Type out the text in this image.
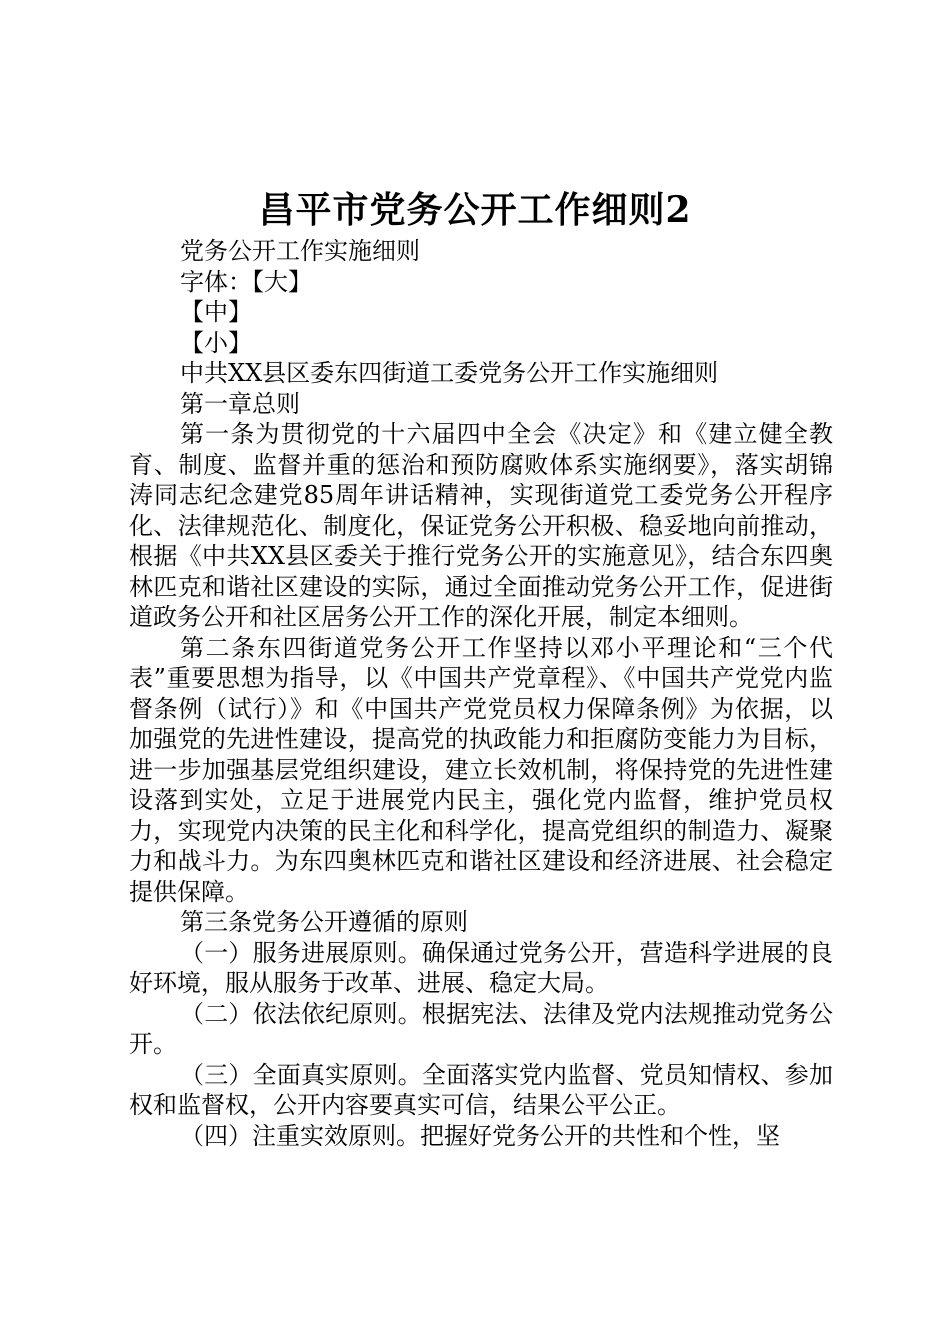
昌平市党务公开工作细则2

党务公开工作实施细则

字体：【大】

【中】

【小】

中共XX县区委东四街道工委党务公开工作实施细则

第一章总则

第一条为贯彻党的十六届四中全会《决定》和《建立健全教育、制度、监督并重的惩治和预防腐败体系实施纲要》，落实胡锦涛同志纪念建党85周年讲话精神，实现街道党工委党务公开程序化、法律规范化、制度化，保证党务公开积极、稳妥地向前推动，根据《中共XX县区委关于推行党务公开的实施意见》，结合东四奥林匹克和谐社区建设的实际，通过全面推动党务公开工作，促进街道政务公开和社区居务公开工作的深化开展，制定本细则。

第二条东四街道党务公开工作坚持以邓小平理论和“三个代表”重要思想为指导，以《中国共产党章程》、《中国共产党党内监督条例（试行）》和《中国共产党党员权力保障条例》为依据，以加强党的先进性建设，提高党的执政能力和拒腐防变能力为目标，进一步加强基层党组织建设，建立长效机制，将保持党的先进性建设落到实处，立足于进展党内民主，强化党内监督，维护党员权力，实现党内决策的民主化和科学化，提高党组织的制造力、凝聚力和战斗力。为东四奥林匹克和谐社区建设和经济进展、社会稳定提供保障。

第三条党务公开遵循的原则

（一）服务进展原则。确保通过党务公开，营造科学进展的良好环境，服从服务于改革、进展、稳定大局。

（二）依法依纪原则。根据宪法、法律及党内法规推动党务公开。

（三）全面真实原则。全面落实党内监督、党员知情权、参加权和监督权，公开内容要真实可信，结果公平公正。

（四）注重实效原则。把握好党务公开的共性和个性，坚
